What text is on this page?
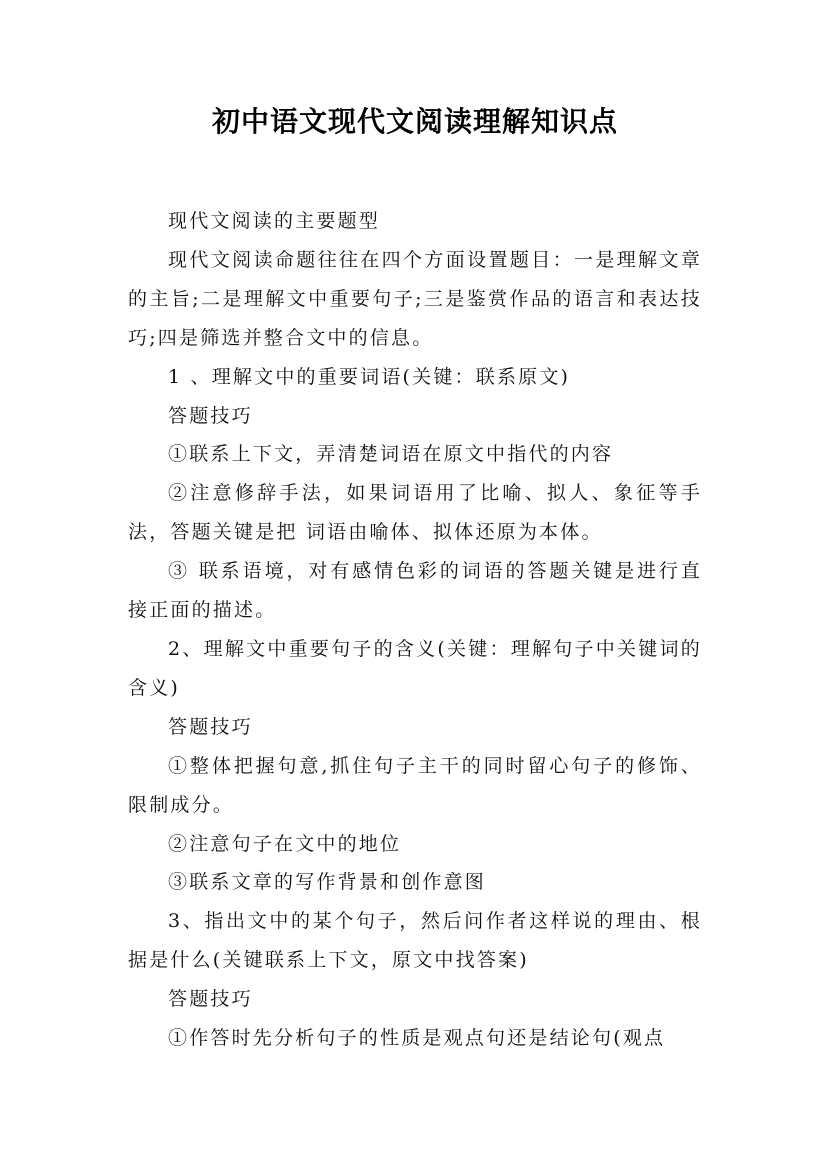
初中语文现代文阅读理解知识点

现代文阅读的主要题型

现代文阅读命题往往在四个方面设置题目：一是理解文章的主旨;二是理解文中重要句子;三是鉴赏作品的语言和表达技巧;四是筛选并整合文中的信息。

1 、理解文中的重要词语(关键：联系原文)

答题技巧

①联系上下文，弄清楚词语在原文中指代的内容

②注意修辞手法，如果词语用了比喻、拟人、象征等手法，答题关键是把 词语由喻体、拟体还原为本体。

③ 联系语境，对有感情色彩的词语的答题关键是进行直接正面的描述。

2、理解文中重要句子的含义(关键：理解句子中关键词的含义)

答题技巧

①整体把握句意,抓住句子主干的同时留心句子的修饰、限制成分。

②注意句子在文中的地位

③联系文章的写作背景和创作意图

3、指出文中的某个句子，然后问作者这样说的理由、根据是什么(关键联系上下文，原文中找答案)

答题技巧

①作答时先分析句子的性质是观点句还是结论句(观点
